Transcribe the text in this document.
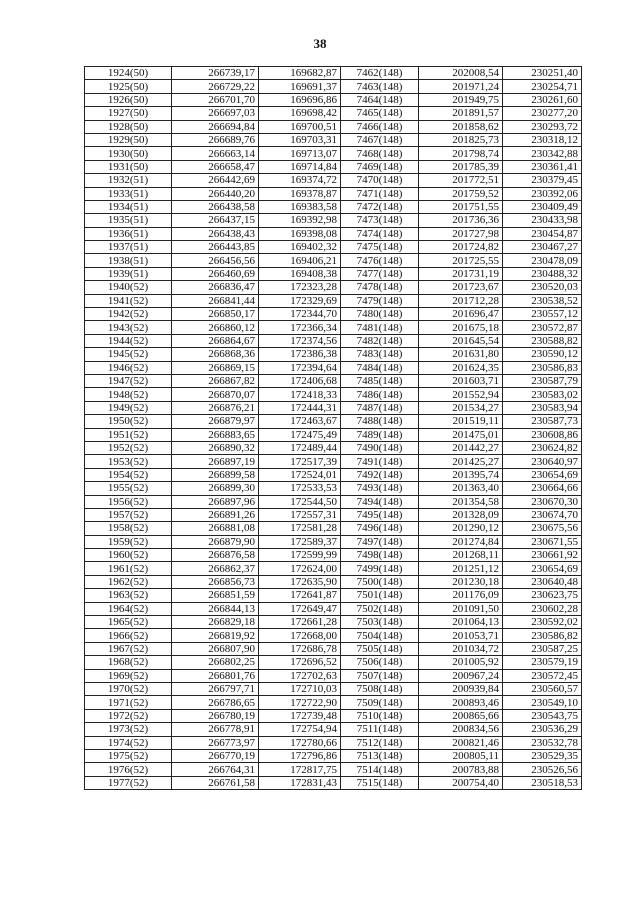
38
1924(50)	266739,17	169682,87	7462(148)	202008,54	230251,40
1925(50)	266729,22	169691,37	7463(148)	201971,24	230254,71
1926(50)	266701,70	169696,86	7464(148)	201949,75	230261,60
1927(50)	266697,03	169698,42	7465(148)	201891,57	230277,20
1928(50)	266694,84	169700,51	7466(148)	201858,62	230293,72
1929(50)	266689,76	169703,31	7467(148)	201825,73	230318,12
1930(50)	266663,14	169713,07	7468(148)	201798,74	230342,88
1931(50)	266658,47	169714,84	7469(148)	201785,39	230361,41
1932(51)	266442,69	169374,72	7470(148)	201772,51	230379,45
1933(51)	266440,20	169378,87	7471(148)	201759,52	230392,06
1934(51)	266438,58	169383,58	7472(148)	201751,55	230409,49
1935(51)	266437,15	169392,98	7473(148)	201736,36	230433,98
1936(51)	266438,43	169398,08	7474(148)	201727,98	230454,87
1937(51)	266443,85	169402,32	7475(148)	201724,82	230467,27
1938(51)	266456,56	169406,21	7476(148)	201725,55	230478,09
1939(51)	266460,69	169408,38	7477(148)	201731,19	230488,32
1940(52)	266836,47	172323,28	7478(148)	201723,67	230520,03
1941(52)	266841,44	172329,69	7479(148)	201712,28	230538,52
1942(52)	266850,17	172344,70	7480(148)	201696,47	230557,12
1943(52)	266860,12	172366,34	7481(148)	201675,18	230572,87
1944(52)	266864,67	172374,56	7482(148)	201645,54	230588,82
1945(52)	266868,36	172386,38	7483(148)	201631,80	230590,12
1946(52)	266869,15	172394,64	7484(148)	201624,35	230586,83
1947(52)	266867,82	172406,68	7485(148)	201603,71	230587,79
1948(52)	266870,07	172418,33	7486(148)	201552,94	230583,02
1949(52)	266876,21	172444,31	7487(148)	201534,27	230583,94
1950(52)	266879,97	172463,67	7488(148)	201519,11	230587,73
1951(52)	266883,65	172475,49	7489(148)	201475,01	230608,86
1952(52)	266890,32	172489,44	7490(148)	201442,27	230624,82
1953(52)	266897,19	172517,39	7491(148)	201425,27	230640,97
1954(52)	266899,58	172524,01	7492(148)	201395,74	230654,69
1955(52)	266899,30	172533,53	7493(148)	201363,40	230664,66
1956(52)	266897,96	172544,50	7494(148)	201354,58	230670,30
1957(52)	266891,26	172557,31	7495(148)	201328,09	230674,70
1958(52)	266881,08	172581,28	7496(148)	201290,12	230675,56
1959(52)	266879,90	172589,37	7497(148)	201274,84	230671,55
1960(52)	266876,58	172599,99	7498(148)	201268,11	230661,92
1961(52)	266862,37	172624,00	7499(148)	201251,12	230654,69
1962(52)	266856,73	172635,90	7500(148)	201230,18	230640,48
1963(52)	266851,59	172641,87	7501(148)	201176,09	230623,75
1964(52)	266844,13	172649,47	7502(148)	201091,50	230602,28
1965(52)	266829,18	172661,28	7503(148)	201064,13	230592,02
1966(52)	266819,92	172668,00	7504(148)	201053,71	230586,82
1967(52)	266807,90	172686,78	7505(148)	201034,72	230587,25
1968(52)	266802,25	172696,52	7506(148)	201005,92	230579,19
1969(52)	266801,76	172702,63	7507(148)	200967,24	230572,45
1970(52)	266797,71	172710,03	7508(148)	200939,84	230560,57
1971(52)	266786,65	172722,90	7509(148)	200893,46	230549,10
1972(52)	266780,19	172739,48	7510(148)	200865,66	230543,75
1973(52)	266778,91	172754,94	7511(148)	200834,56	230536,29
1974(52)	266773,97	172780,66	7512(148)	200821,46	230532,78
1975(52)	266770,19	172796,86	7513(148)	200805,11	230529,35
1976(52)	266764,31	172817,75	7514(148)	200783,88	230526,56
1977(52)	266761,58	172831,43	7515(148)	200754,40	230518,53
